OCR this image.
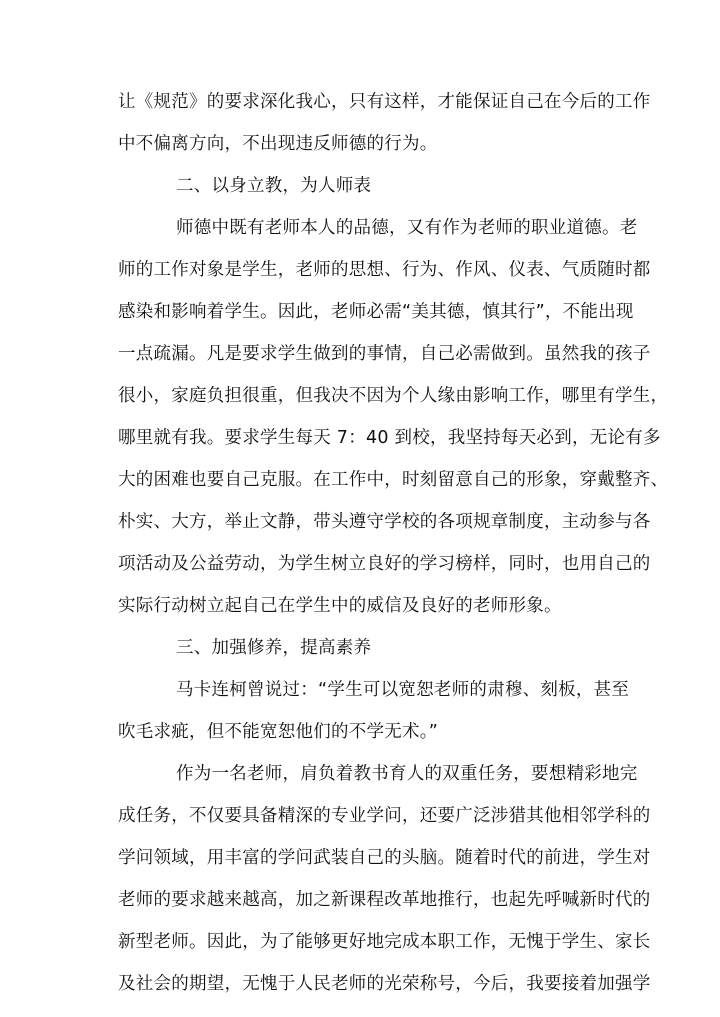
让《规范》的要求深化我心，只有这样，才能保证自己在今后的工作
中不偏离方向，不出现违反师德的行为。
二、以身立教，为人师表
师德中既有老师本人的品德，又有作为老师的职业道德。老
师的工作对象是学生，老师的思想、行为、作风、仪表、气质随时都
感染和影响着学生。因此，老师必需“美其德，慎其行”，不能出现
一点疏漏。凡是要求学生做到的事情，自己必需做到。虽然我的孩子
很小，家庭负担很重，但我决不因为个人缘由影响工作，哪里有学生，
哪里就有我。要求学生每天 7：40 到校，我坚持每天必到，无论有多
大的困难也要自己克服。在工作中，时刻留意自己的形象，穿戴整齐、
朴实、大方，举止文静，带头遵守学校的各项规章制度，主动参与各
项活动及公益劳动，为学生树立良好的学习榜样，同时，也用自己的
实际行动树立起自己在学生中的威信及良好的老师形象。
三、加强修养，提高素养
马卡连柯曾说过：“学生可以宽恕老师的肃穆、刻板，甚至
吹毛求疵，但不能宽恕他们的不学无术。”
作为一名老师，肩负着教书育人的双重任务，要想精彩地完
成任务，不仅要具备精深的专业学问，还要广泛涉猎其他相邻学科的
学问领域，用丰富的学问武装自己的头脑。随着时代的前进，学生对
老师的要求越来越高，加之新课程改革地推行，也起先呼喊新时代的
新型老师。因此，为了能够更好地完成本职工作，无愧于学生、家长
及社会的期望，无愧于人民老师的光荣称号，今后，我要接着加强学
